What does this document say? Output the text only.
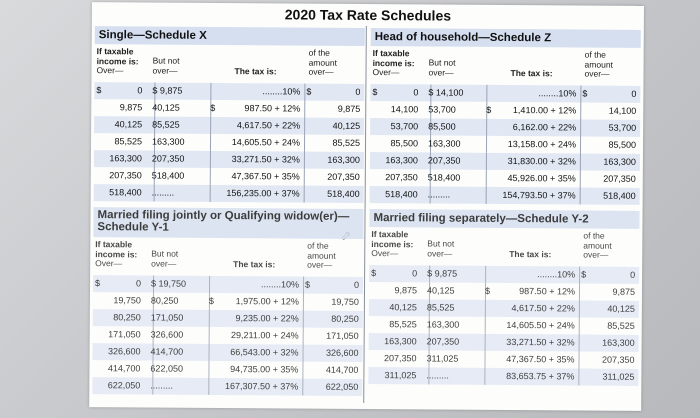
2020 Tax Rate Schedules
Single—Schedule X
If taxable
income is:
Over—

But not
over—	The tax is:

of the
amount
over—

$	0 $ 9,875	........10% $	0
9,875 40,125	$	987.50 + 12%	9,875
40,125 85,525	4,617.50 + 22%	40,125
85,525 163,300	14,605.50 + 24%	85,525
163,300 207,350	33,271.50 + 32%	163,300
207,350 518,400	47,367.50 + 35%	207,350
518,400 .........	156,235.00 + 37%	518,400
Head of household—Schedule Z
If taxable
income is:
Over—

But not
over—	The tax is:

of the
amount
over—

$	0 $ 14,100	........10% $	0
14,100 53,700	$	1,410.00 + 12%	14,100
53,700 85,500	6,162.00 + 22%	53,700
85,500 163,300	13,158.00 + 24%	85,500
163,300 207,350	31,830.00 + 32%	163,300
207,350 518,400	45,926.00 + 35%	207,350
518,400 .........	154,793.50 + 37%	518,400
Married filing jointly or Qualifying widow(er)—Schedule Y-1
If taxable
income is:
Over—

But not
over—	The tax is:

of the
amount
over—

$	0 $ 19,750	........10% $	0
19,750 80,250	$	1,975.00 + 12%	19,750
80,250 171,050	9,235.00 + 22%	80,250
171,050 326,600	29,211.00 + 24%	171,050
326,600 414,700	66,543.00 + 32%	326,600
414,700 622,050	94,735.00 + 35%	414,700
622,050 .........	167,307.50 + 37%	622,050
Married filing separately—Schedule Y-2
If taxable
income is:
Over—

But not
over—	The tax is:

of the
amount
over—

$	0 $ 9,875	........10% $	0
9,875 40,125	$	987.50 + 12%	9,875
40,125 85,525	4,617.50 + 22%	40,125
85,525 163,300	14,605.50 + 24%	85,525
163,300 207,350	33,271.50 + 32%	163,300
207,350 311,025	47,367.50 + 35%	207,350
311,025 .........	83,653.75 + 37%	311,025
